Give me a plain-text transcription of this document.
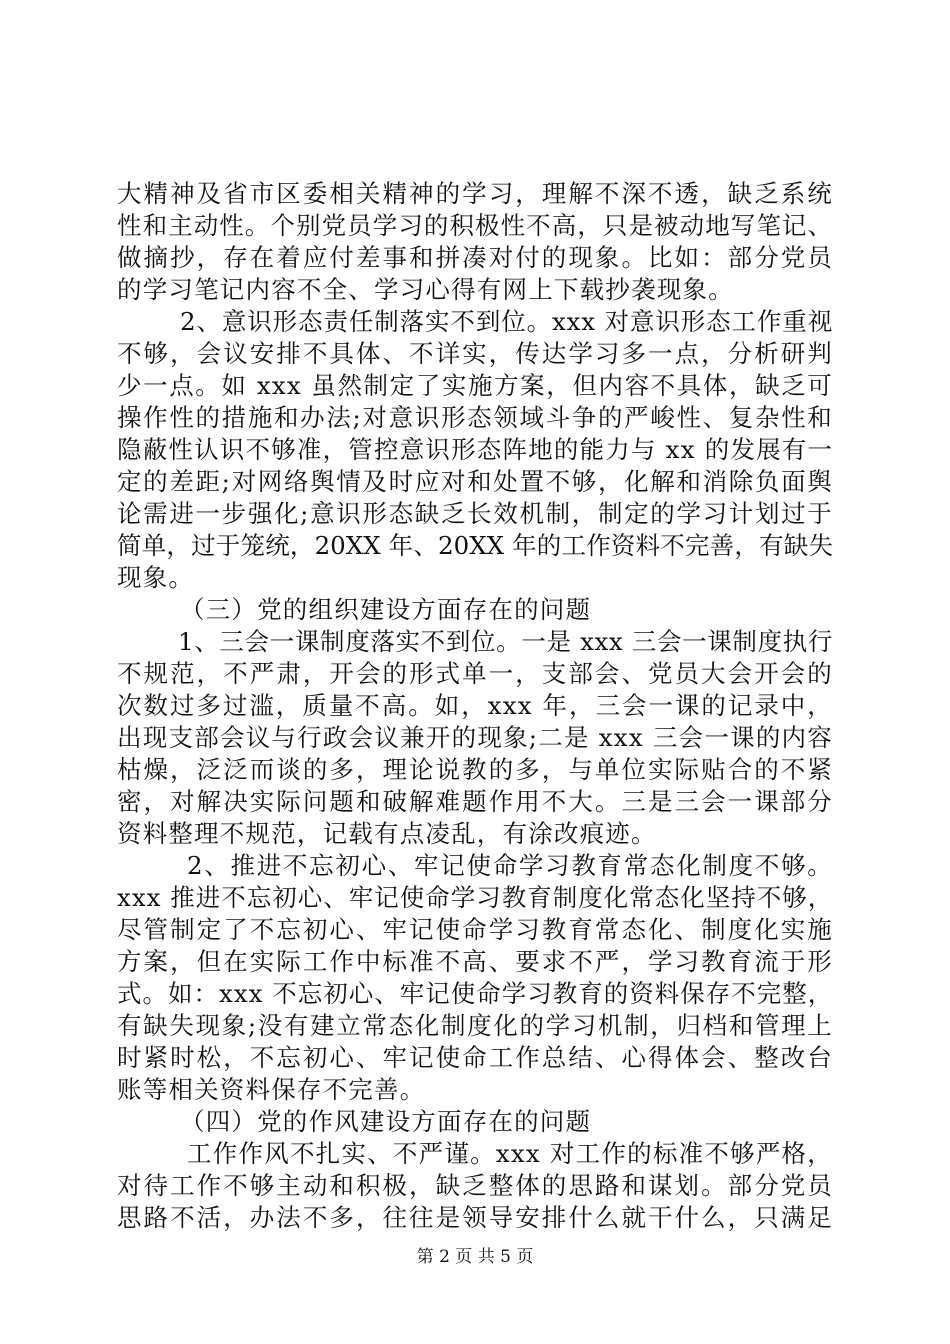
大精神及省市区委相关精神的学习，理解不深不透，缺乏系统
性和主动性。个别党员学习的积极性不高，只是被动地写笔记、
做摘抄，存在着应付差事和拼凑对付的现象。比如：部分党员
的学习笔记内容不全、学习心得有网上下载抄袭现象。
2、意识形态责任制落实不到位。xxx 对意识形态工作重视
不够，会议安排不具体、不详实，传达学习多一点，分析研判
少一点。如 xxx 虽然制定了实施方案，但内容不具体，缺乏可
操作性的措施和办法;对意识形态领域斗争的严峻性、复杂性和
隐蔽性认识不够准，管控意识形态阵地的能力与 xx 的发展有一
定的差距;对网络舆情及时应对和处置不够，化解和消除负面舆
论需进一步强化;意识形态缺乏长效机制，制定的学习计划过于
简单，过于笼统，20XX 年、20XX 年的工作资料不完善，有缺失
现象。
（三）党的组织建设方面存在的问题
1、三会一课制度落实不到位。一是 xxx 三会一课制度执行
不规范，不严肃，开会的形式单一，支部会、党员大会开会的
次数过多过滥，质量不高。如，xxx 年，三会一课的记录中，
出现支部会议与行政会议兼开的现象;二是 xxx 三会一课的内容
枯燥，泛泛而谈的多，理论说教的多，与单位实际贴合的不紧
密，对解决实际问题和破解难题作用不大。三是三会一课部分
资料整理不规范，记载有点凌乱，有涂改痕迹。
2、推进不忘初心、牢记使命学习教育常态化制度不够。
xxx 推进不忘初心、牢记使命学习教育制度化常态化坚持不够，
尽管制定了不忘初心、牢记使命学习教育常态化、制度化实施
方案，但在实际工作中标准不高、要求不严，学习教育流于形
式。如：xxx 不忘初心、牢记使命学习教育的资料保存不完整，
有缺失现象;没有建立常态化制度化的学习机制，归档和管理上
时紧时松，不忘初心、牢记使命工作总结、心得体会、整改台
账等相关资料保存不完善。
（四）党的作风建设方面存在的问题
工作作风不扎实、不严谨。xxx 对工作的标准不够严格，
对待工作不够主动和积极，缺乏整体的思路和谋划。部分党员
思路不活，办法不多，往往是领导安排什么就干什么，只满足
第 2 页 共 5 页
